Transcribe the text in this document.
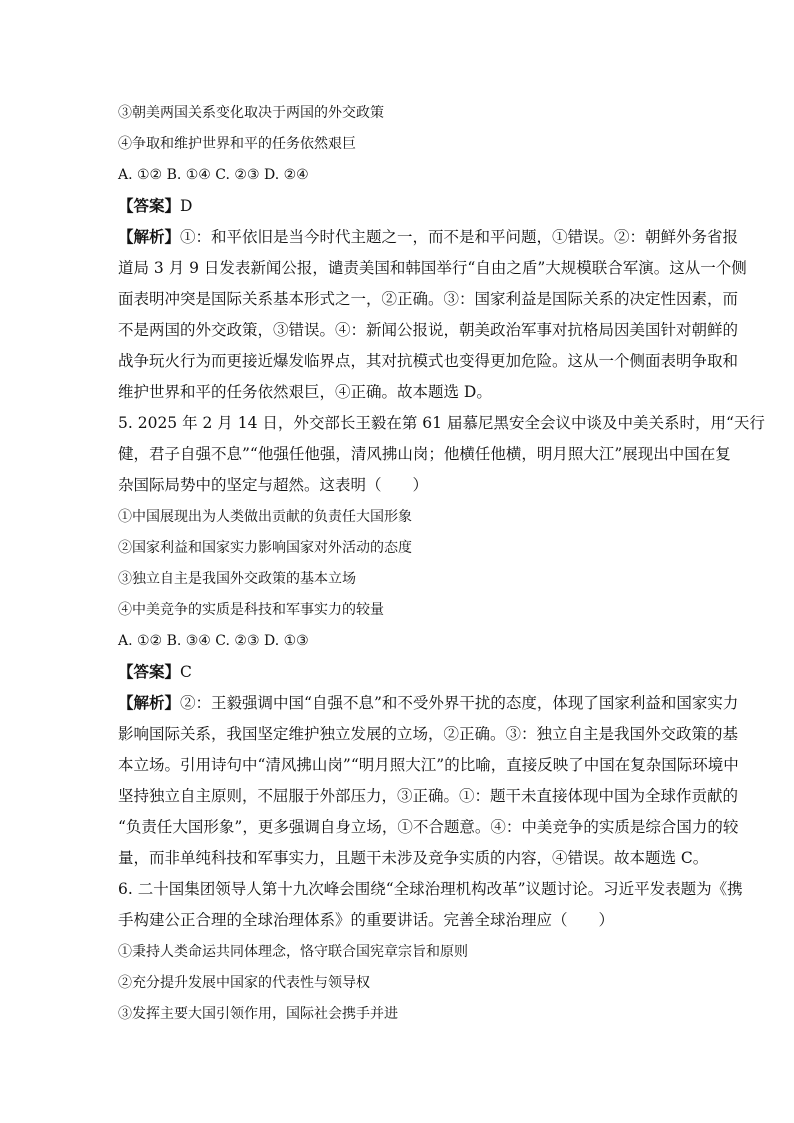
③朝美两国关系变化取决于两国的外交政策
④争取和维护世界和平的任务依然艰巨
A. ①② B. ①④ C. ②③ D. ②④
【答案】D
【解析】①：和平依旧是当今时代主题之一，而不是和平问题，①错误。②：朝鲜外务省报
道局 3 月 9 日发表新闻公报，谴责美国和韩国举行“自由之盾”大规模联合军演。这从一个侧
面表明冲突是国际关系基本形式之一，②正确。③：国家利益是国际关系的决定性因素，而
不是两国的外交政策，③错误。④：新闻公报说，朝美政治军事对抗格局因美国针对朝鲜的
战争玩火行为而更接近爆发临界点，其对抗模式也变得更加危险。这从一个侧面表明争取和
维护世界和平的任务依然艰巨，④正确。故本题选 D。
5. 2025 年 2 月 14 日，外交部长王毅在第 61 届慕尼黑安全会议中谈及中美关系时，用“天行
健，君子自强不息”“他强任他强，清风拂山岗；他横任他横，明月照大江”展现出中国在复
杂国际局势中的坚定与超然。这表明（　　）
①中国展现出为人类做出贡献的负责任大国形象
②国家利益和国家实力影响国家对外活动的态度
③独立自主是我国外交政策的基本立场
④中美竞争的实质是科技和军事实力的较量
A. ①② B. ③④ C. ②③ D. ①③
【答案】C
【解析】②：王毅强调中国“自强不息”和不受外界干扰的态度，体现了国家利益和国家实力
影响国际关系，我国坚定维护独立发展的立场，②正确。③：独立自主是我国外交政策的基
本立场。引用诗句中“清风拂山岗”“明月照大江”的比喻，直接反映了中国在复杂国际环境中
坚持独立自主原则，不屈服于外部压力，③正确。①：题干未直接体现中国为全球作贡献的
“负责任大国形象”，更多强调自身立场，①不合题意。④：中美竞争的实质是综合国力的较
量，而非单纯科技和军事实力，且题干未涉及竞争实质的内容，④错误。故本题选 C。
6. 二十国集团领导人第十九次峰会围绕“全球治理机构改革”议题讨论。习近平发表题为《携
手构建公正合理的全球治理体系》的重要讲话。完善全球治理应（　　）
①秉持人类命运共同体理念，恪守联合国宪章宗旨和原则
②充分提升发展中国家的代表性与领导权
③发挥主要大国引领作用，国际社会携手并进
